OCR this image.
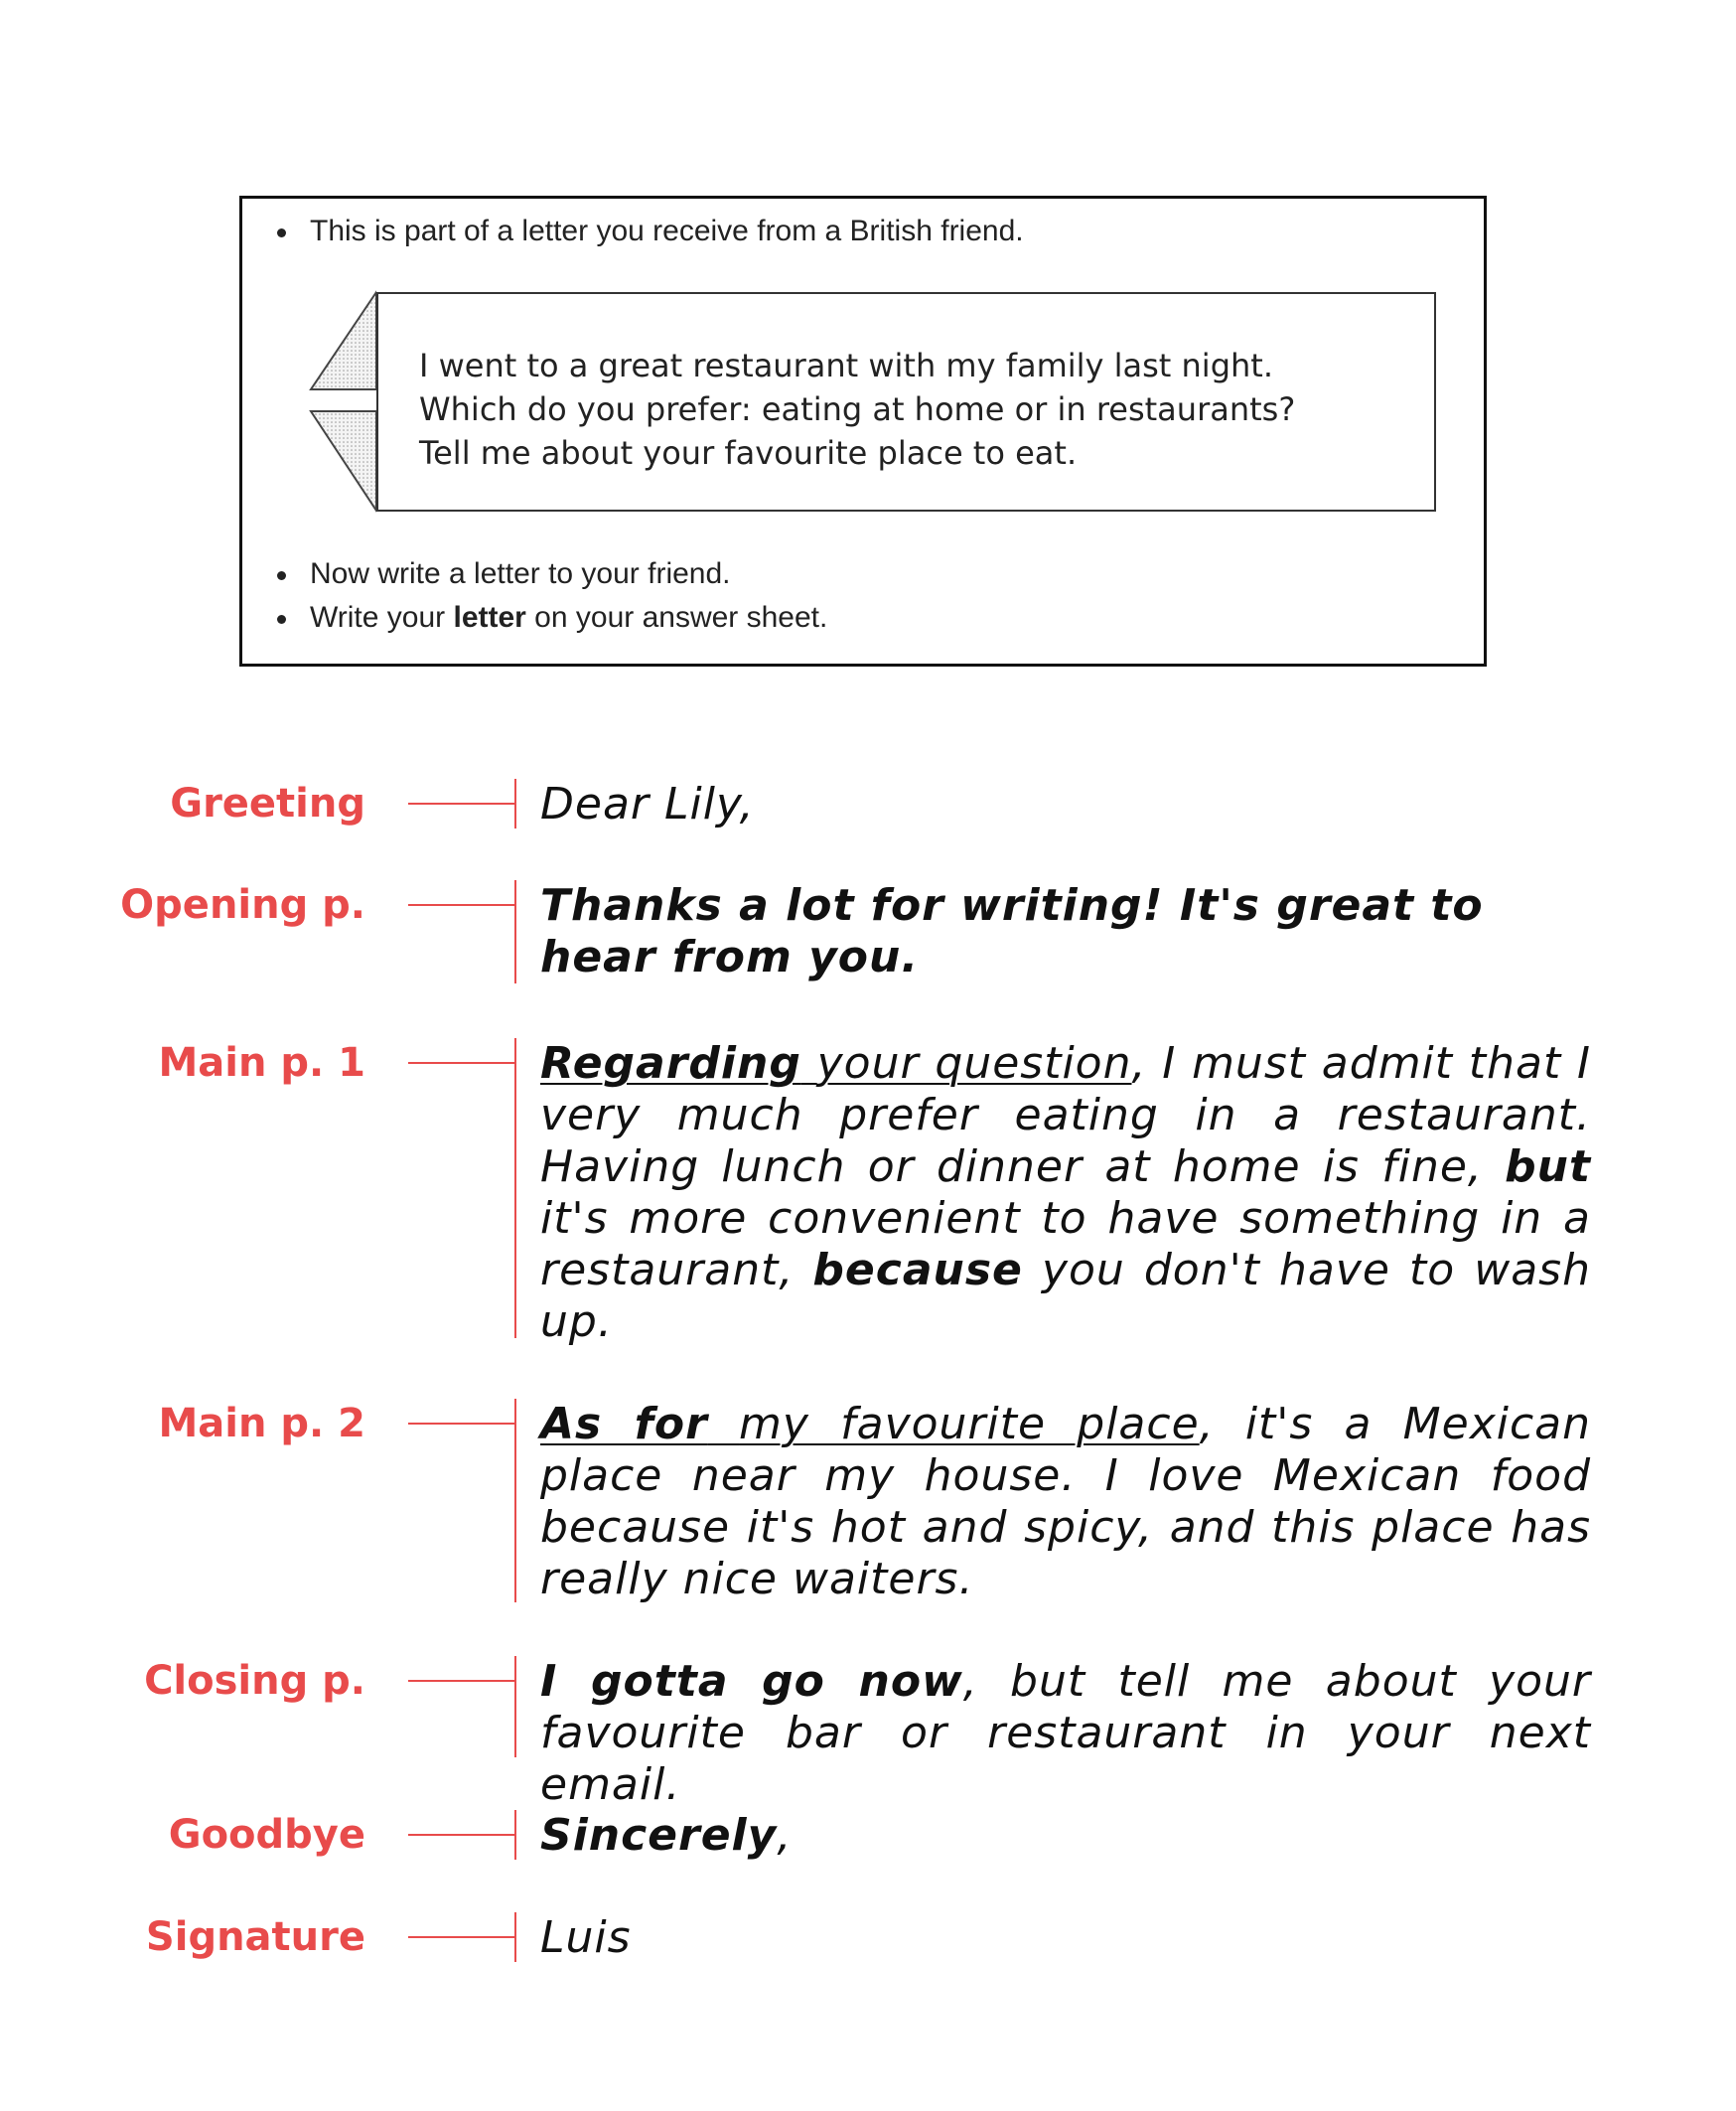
This is part of a letter you receive from a British friend.
I went to a great restaurant with my family last night.
Which do you prefer: eating at home or in restaurants?
Tell me about your favourite place to eat.
Now write a letter to your friend.
Write your letter on your answer sheet.
Greeting	Dear Lily,
Opening p.	Thanks a lot for writing! It's great to hear from you.
Main p. 1	Regarding your question, I must admit that I very much prefer eating in a restaurant. Having lunch or dinner at home is fine, but it's more convenient to have something in a restaurant, because you don't have to wash up.
Main p. 2	As for my favourite place, it's a Mexican place near my house. I love Mexican food because it's hot and spicy, and this place has really nice waiters.
Closing p.	I gotta go now, but tell me about your favourite bar or restaurant in your next email.
Goodbye	Sincerely,
Signature	Luis
